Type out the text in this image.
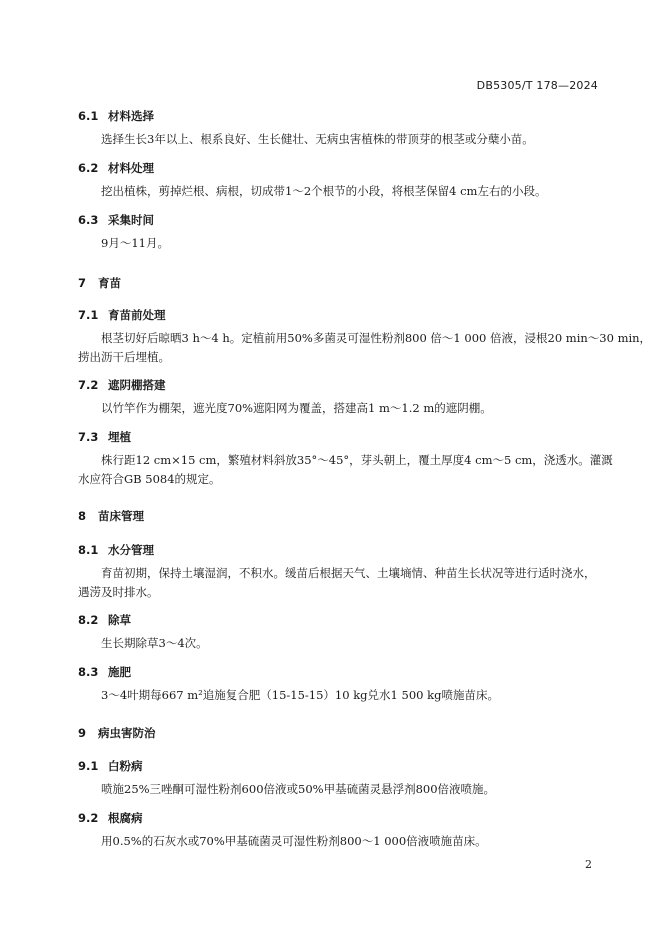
DB5305/T 178—2024
6.1 材料选择
选择生长3年以上、根系良好、生长健壮、无病虫害植株的带顶芽的根茎或分蘖小苗。
6.2 材料处理
挖出植株，剪掉烂根、病根，切成带1～2个根节的小段，将根茎保留4 cm左右的小段。
6.3 采集时间
9月～11月。
7 育苗
7.1 育苗前处理
根茎切好后晾晒3 h～4 h。定植前用50%多菌灵可湿性粉剂800 倍～1 000 倍液，浸根20 min～30 min，
捞出沥干后埋植。
7.2 遮阴棚搭建
以竹竿作为棚架，遮光度70%遮阳网为覆盖，搭建高1 m～1.2 m的遮阴棚。
7.3 埋植
株行距12 cm×15 cm，繁殖材料斜放35°～45°，芽头朝上，覆土厚度4 cm～5 cm，浇透水。灌溉
水应符合GB 5084的规定。
8 苗床管理
8.1 水分管理
育苗初期，保持土壤湿润，不积水。缓苗后根据天气、土壤墒情、种苗生长状况等进行适时浇水，
遇涝及时排水。
8.2 除草
生长期除草3～4次。
8.3 施肥
3～4叶期每667 m²追施复合肥（15-15-15）10 kg兑水1 500 kg喷施苗床。
9 病虫害防治
9.1 白粉病
喷施25%三唑酮可湿性粉剂600倍液或50%甲基硫菌灵悬浮剂800倍液喷施。
9.2 根腐病
用0.5%的石灰水或70%甲基硫菌灵可湿性粉剂800～1 000倍液喷施苗床。
2
